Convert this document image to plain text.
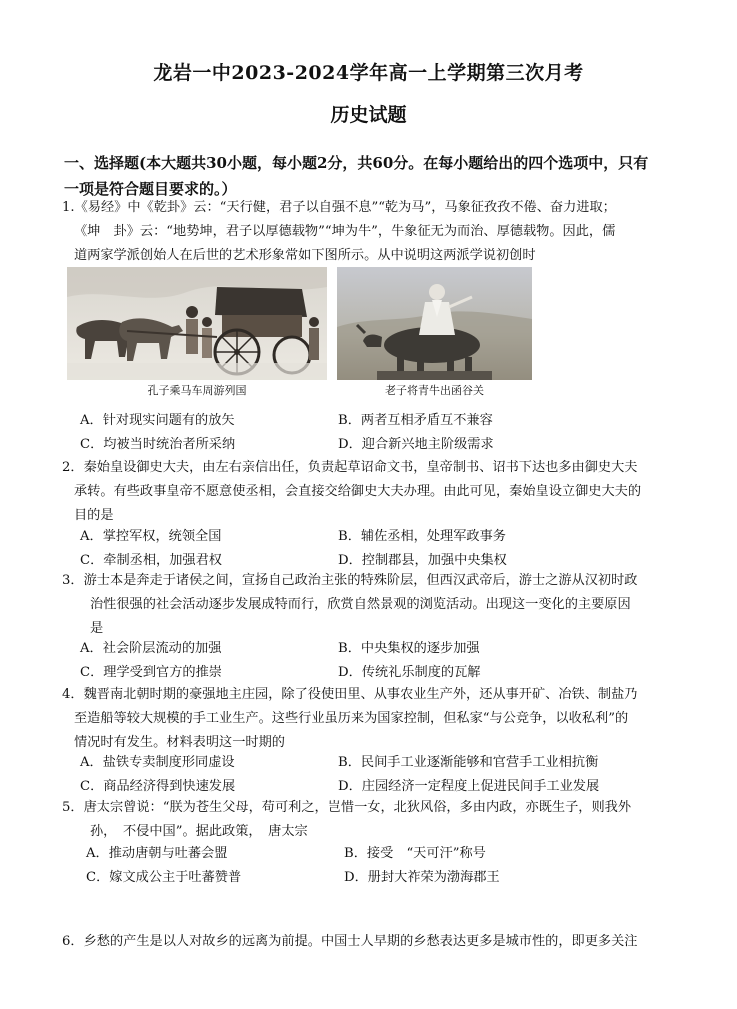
龙岩一中2023-2024学年高一上学期第三次月考
历史试题
一、选择题(本大题共30小题，每小题2分，共60分。在每小题给出的四个选项中，只有
一项是符合题目要求的。）
1.《易经》中《乾卦》云：“天行健，君子以自强不息”“乾为马”，马象征孜孜不倦、奋力进取；
《坤　卦》云：“地势坤，君子以厚德载物”“坤为牛”，牛象征无为而治、厚德载物。因此，儒
道两家学派创始人在后世的艺术形象常如下图所示。从中说明这两派学说初创时
孔子乘马车周游列国	老子将青牛出函谷关
A．针对现实问题有的放矢	B．两者互相矛盾互不兼容
C．均被当时统治者所采纳	D．迎合新兴地主阶级需求
2．秦始皇设御史大夫，由左右亲信出任，负责起草诏命文书，皇帝制书、诏书下达也多由御史大夫
承转。有些政事皇帝不愿意使丞相，会直接交给御史大夫办理。由此可见，秦始皇设立御史大夫的
目的是
A．掌控军权，统领全国	B．辅佐丞相，处理军政事务
C．牵制丞相，加强君权	D．控制郡县，加强中央集权
3．游士本是奔走于诸侯之间，宣扬自己政治主张的特殊阶层，但西汉武帝后，游士之游从汉初时政
治性很强的社会活动逐步发展成特而行，欣赏自然景观的浏览活动。出现这一变化的主要原因
是
A．社会阶层流动的加强	B．中央集权的逐步加强
C．理学受到官方的推崇	D．传统礼乐制度的瓦解
4．魏晋南北朝时期的豪强地主庄园，除了役使田里、从事农业生产外，还从事开矿、冶铁、制盐乃
至造船等较大规模的手工业生产。这些行业虽历来为国家控制，但私家“与公竞争，以收私利”的
情况时有发生。材料表明这一时期的
A．盐铁专卖制度形同虚设	B．民间手工业逐渐能够和官营手工业相抗衡
C．商品经济得到快速发展	D．庄园经济一定程度上促进民间手工业发展
5．唐太宗曾说：“朕为苍生父母，苟可利之，岂惜一女，北狄风俗，多由内政，亦既生子，则我外
孙，　不侵中国”。据此政策，　唐太宗
A．推动唐朝与吐蕃会盟	B．接受　“天可汗”称号
C．嫁文成公主于吐蕃赞普	D．册封大祚荣为渤海郡王
6．乡愁的产生是以人对故乡的远离为前提。中国士人早期的乡愁表达更多是城市性的，即更多关注
